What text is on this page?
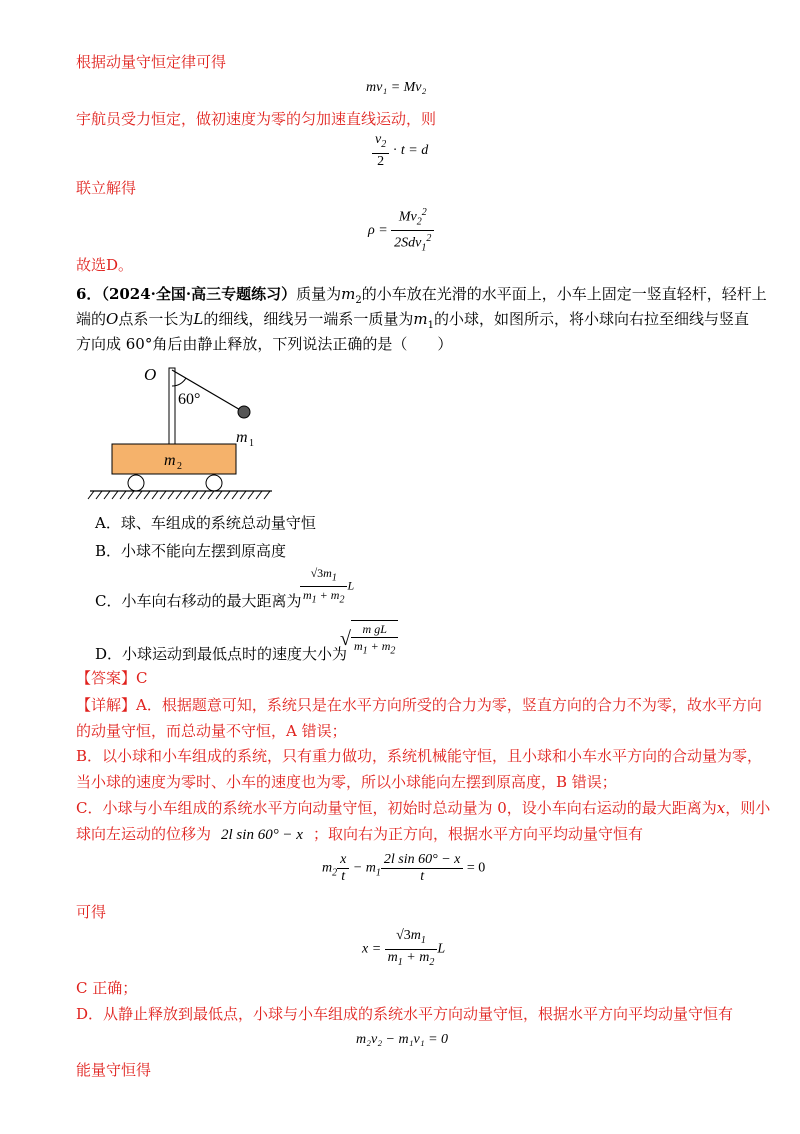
根据动量守恒定律可得
mv₁ = Mv₂
宇航员受力恒定，做初速度为零的匀加速直线运动，则
$\frac{v_2}{2} \cdot t = d$
联立解得
$\rho = \frac{Mv_2^2}{2Sdv_1^2}$
故选D。
6．（2024·全国·高三专题练习）质量为$m_2$的小车放在光滑的水平面上，小车上固定一竖直轻杆，轻杆上
端的O点系一长为L的细线，细线另一端系一质量为$m_1$的小球，如图所示，将小球向右拉至细线与竖直
方向成 60°角后由静止释放，下列说法正确的是（　　）
O
60°
m 1
m 2
A．球、车组成的系统总动量守恒
B．小球不能向左摆到原高度
C．小车向右移动的最大距离为
$\frac{√3m_1}{m_1 + m_2}$ L
D．小球运动到最低点时的速度大小为
√ $\frac{\text{m gL}}{m_1 + m_2}$
【答案】C
【详解】A．根据题意可知，系统只是在水平方向所受的合力为零，竖直方向的合力不为零，故水平方向
的动量守恒，而总动量不守恒，A 错误；
B．以小球和小车组成的系统，只有重力做功，系统机械能守恒，且小球和小车水平方向的合动量为零，
当小球的速度为零时、小车的速度也为零，所以小球能向左摆到原高度，B 错误；
C．小球与小车组成的系统水平方向动量守恒，初始时总动量为 0，设小车向右运动的最大距离为x，则小
球向左运动的位移为 2l sin 60° − x ；取向右为正方向，根据水平方向平均动量守恒有
$m_2 \frac{x}{t} - m_1 \frac{\text{2l sin 60° − x}}{t} = 0$
可得
$x = \frac{√3m_1}{m_1 + m_2}$ L
C 正确；
D．从静止释放到最低点，小球与小车组成的系统水平方向动量守恒，根据水平方向平均动量守恒有
m₂v₂ − m₁v₁ = 0
能量守恒得
